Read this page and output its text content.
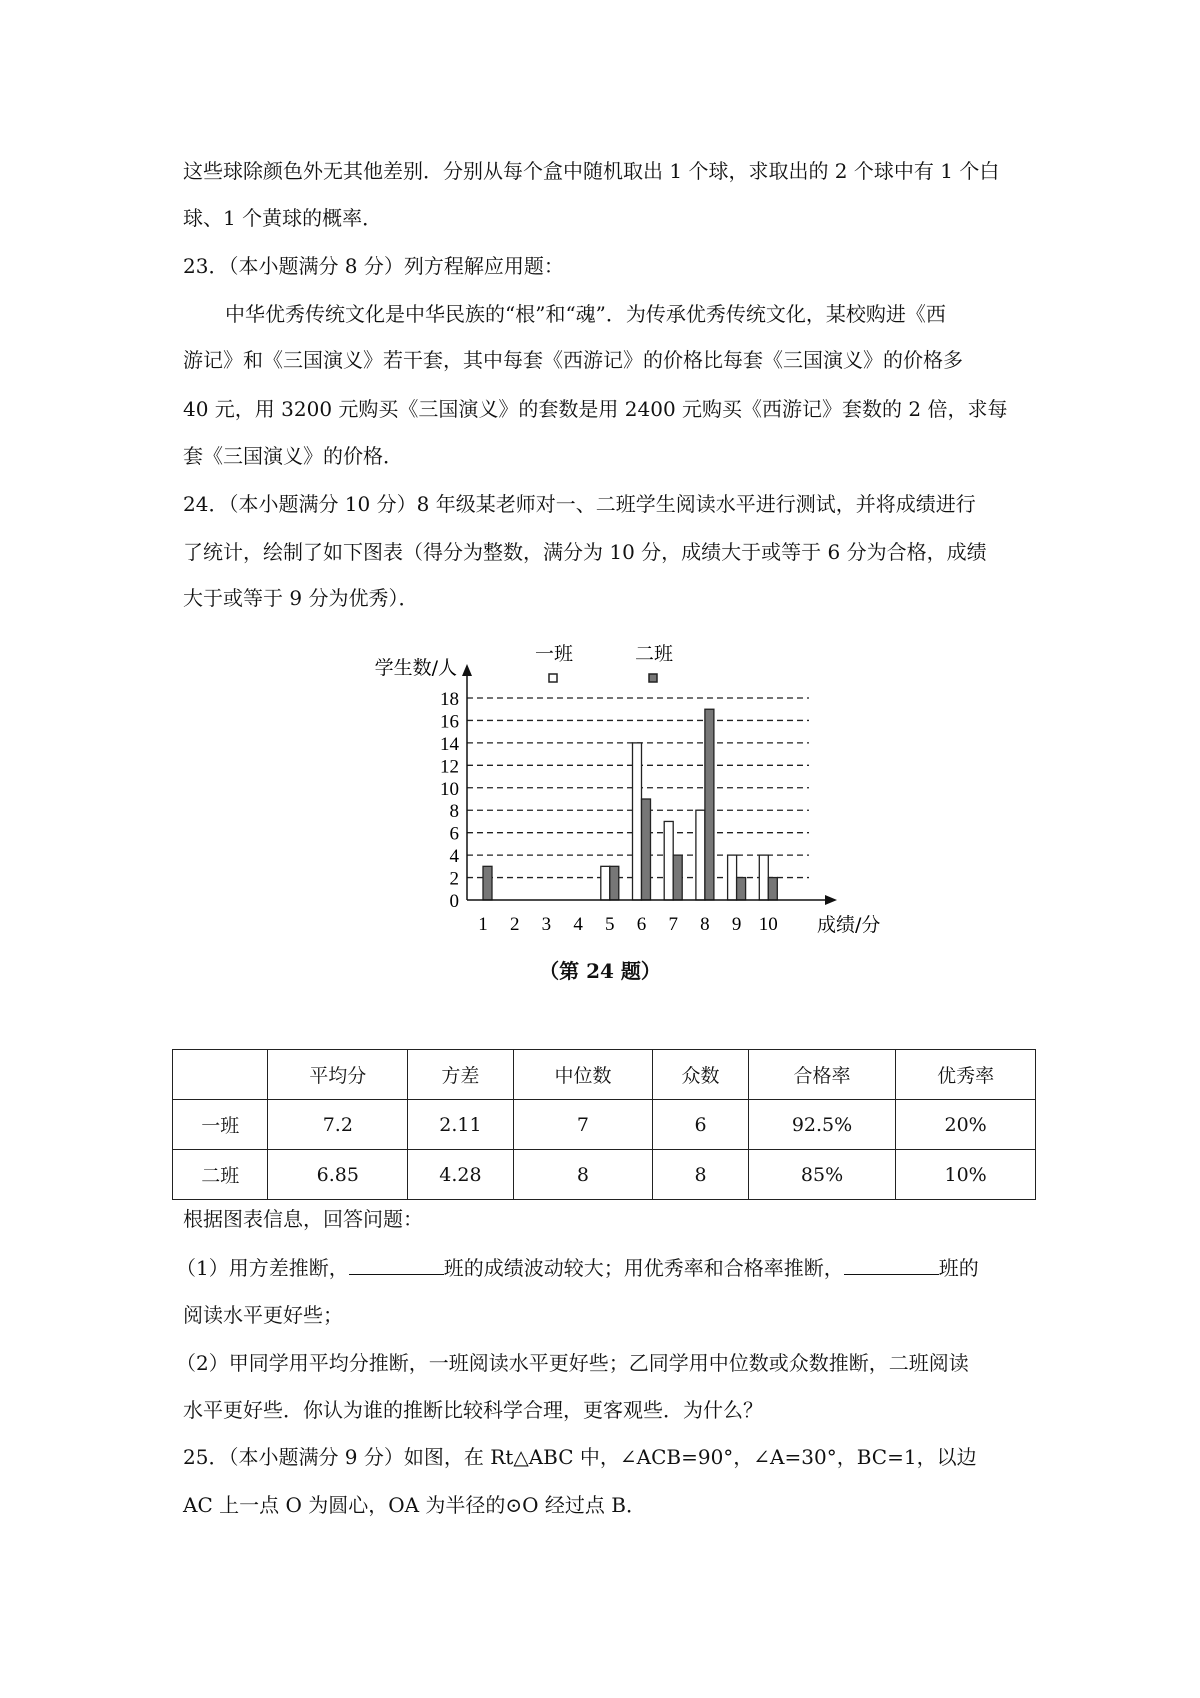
这些球除颜色外无其他差别．分别从每个盒中随机取出 1 个球，求取出的 2 个球中有 1 个白
球、1 个黄球的概率．
23．（本小题满分 8 分）列方程解应用题：
中华优秀传统文化是中华民族的“根”和“魂”．为传承优秀传统文化，某校购进《西
游记》和《三国演义》若干套，其中每套《西游记》的价格比每套《三国演义》的价格多
40 元，用 3200 元购买《三国演义》的套数是用 2400 元购买《西游记》套数的 2 倍，求每
套《三国演义》的价格．
24．（本小题满分 10 分）8 年级某老师对一、二班学生阅读水平进行测试，并将成绩进行
了统计，绘制了如下图表（得分为整数，满分为 10 分，成绩大于或等于 6 分为合格，成绩
大于或等于 9 分为优秀）．
0
2
4
6
8
10
12
14
16
18
一班	二班
1 2 3 4 5 6 7 8 9 10
学生数/人
成绩/分
（第 24 题）
	平均分	方差	中位数	众数	合格率	优秀率
一班	7.2	2.11	7	6	92.5%	20%
二班	6.85	4.28	8	8	85%	10%
根据图表信息，回答问题：
（1）用方差推断，	班的成绩波动较大；用优秀率和合格率推断，	班的
阅读水平更好些；
（2）甲同学用平均分推断，一班阅读水平更好些；乙同学用中位数或众数推断，二班阅读
水平更好些．你认为谁的推断比较科学合理，更客观些．为什么？
25．（本小题满分 9 分）如图，在 Rt△ABC 中，∠ACB=90°，∠A=30°，BC=1，以边
AC 上一点 O 为圆心，OA 为半径的⊙O 经过点 B．
